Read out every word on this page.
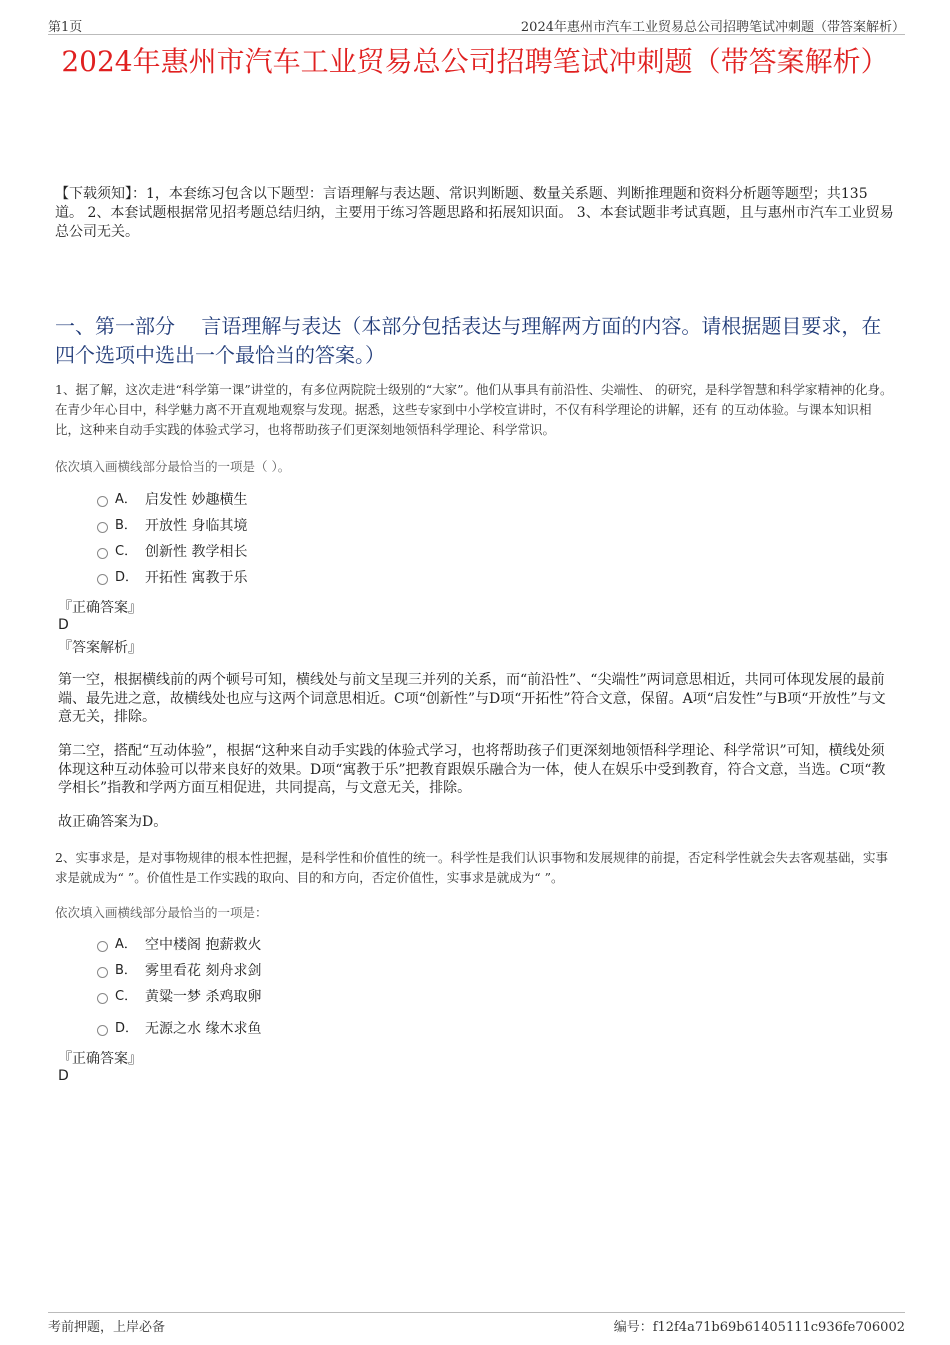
第1页	2024年惠州市汽车工业贸易总公司招聘笔试冲刺题（带答案解析）
2024年惠州市汽车工业贸易总公司招聘笔试冲刺题（带答案解析）
【下载须知】：1，本套练习包含以下题型：言语理解与表达题、常识判断题、数量关系题、判断推理题和资料分析题等题型；共135道。 2、本套试题根据常见招考题总结归纳，主要用于练习答题思路和拓展知识面。 3、本套试题非考试真题，且与惠州市汽车工业贸易总公司无关。
一、第一部分　 言语理解与表达（本部分包括表达与理解两方面的内容。请根据题目要求，在四个选项中选出一个最恰当的答案。）
1、据了解，这次走进“科学第一课”讲堂的，有多位两院院士级别的“大家”。他们从事具有前沿性、尖端性、 的研究，是科学智慧和科学家精神的化身。在青少年心目中，科学魅力离不开直观地观察与发现。据悉，这些专家到中小学校宣讲时，不仅有科学理论的讲解，还有 的互动体验。与课本知识相比，这种来自动手实践的体验式学习，也将帮助孩子们更深刻地领悟科学理论、科学常识。
依次填入画横线部分最恰当的一项是（ ）。
A． 启发性 妙趣横生
B． 开放性 身临其境
C． 创新性 教学相长
D． 开拓性 寓教于乐
『正确答案』
D
『答案解析』
第一空，根据横线前的两个顿号可知，横线处与前文呈现三并列的关系，而“前沿性”、“尖端性”两词意思相近，共同可体现发展的最前端、最先进之意，故横线处也应与这两个词意思相近。C项“创新性”与D项“开拓性”符合文意，保留。A项“启发性”与B项“开放性”与文意无关，排除。
第二空，搭配“互动体验”，根据“这种来自动手实践的体验式学习，也将帮助孩子们更深刻地领悟科学理论、科学常识”可知，横线处须体现这种互动体验可以带来良好的效果。D项“寓教于乐”把教育跟娱乐融合为一体，使人在娱乐中受到教育，符合文意，当选。C项“教学相长”指教和学两方面互相促进，共同提高，与文意无关，排除。
故正确答案为D。
2、实事求是，是对事物规律的根本性把握，是科学性和价值性的统一。科学性是我们认识事物和发展规律的前提，否定科学性就会失去客观基础，实事求是就成为“ ”。价值性是工作实践的取向、目的和方向，否定价值性，实事求是就成为“ ”。
依次填入画横线部分最恰当的一项是：
A． 空中楼阁 抱薪救火
B． 雾里看花 刻舟求剑
C． 黄粱一梦 杀鸡取卵
D． 无源之水 缘木求鱼
『正确答案』
D
考前押题，上岸必备	编号：f12f4a71b69b61405111c936fe706002
